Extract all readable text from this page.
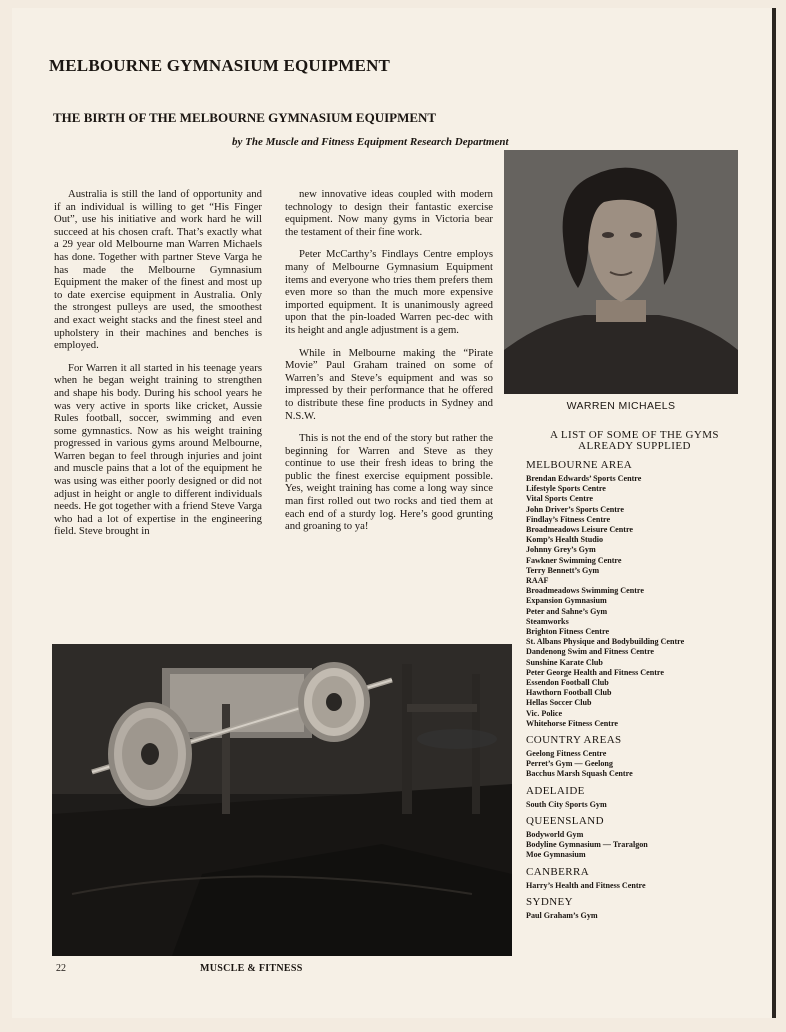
MELBOURNE GYMNASIUM EQUIPMENT
THE BIRTH OF THE MELBOURNE GYMNASIUM EQUIPMENT
by The Muscle and Fitness Equipment Research Department

Australia is still the land of opportunity and if an individual is willing to get “His Finger Out”, use his initiative and work hard he will succeed at his chosen craft. That’s exactly what a 29 year old Melbourne man Warren Michaels has done. Together with partner Steve Varga he has made the Melbourne Gymnasium Equipment the maker of the finest and most up to date exercise equipment in Australia. Only the strongest pulleys are used, the smoothest and exact weight stacks and the finest steel and upholstery in their machines and benches is employed.

For Warren it all started in his teenage years when he began weight training to strengthen and shape his body. During his school years he was very active in sports like cricket, Aussie Rules football, soccer, swimming and even some gymnastics. Now as his weight training progressed in various gyms around Melbourne, Warren began to feel through injuries and joint and muscle pains that a lot of the equipment he was using was either poorly designed or did not adjust in height or angle to different individuals needs. He got together with a friend Steve Varga who had a lot of expertise in the engineering field. Steve brought in

new innovative ideas coupled with modern technology to design their fantastic exercise equipment. Now many gyms in Victoria bear the testament of their fine work.

Peter McCarthy’s Findlays Centre employs many of Melbourne Gymnasium Equipment items and everyone who tries them prefers them even more so than the much more expensive imported equipment. It is unanimously agreed upon that the pin-loaded Warren pec-dec with its height and angle adjustment is a gem.

While in Melbourne making the “Pirate Movie” Paul Graham trained on some of Warren’s and Steve’s equipment and was so impressed by their performance that he offered to distribute these fine products in Sydney and N.S.W.

This is not the end of the story but rather the beginning for Warren and Steve as they continue to use their fresh ideas to bring the public the finest exercise equipment possible. Yes, weight training has come a long way since man first rolled out two rocks and tied them at each end of a sturdy log. Here’s good grunting and groaning to ya!

WARREN MICHAELS
A LIST OF SOME OF THE GYMS ALREADY SUPPLIED
MELBOURNE AREA
Brendan Edwards’ Sports Centre
Lifestyle Sports Centre
Vital Sports Centre
John Driver’s Sports Centre
Findlay’s Fitness Centre
Broadmeadows Leisure Centre
Komp’s Health Studio
Johnny Grey’s Gym
Fawkner Swimming Centre
Terry Bennett’s Gym
RAAF
Broadmeadows Swimming Centre
Expansion Gymnasium
Peter and Sahne’s Gym
Steamworks
Brighton Fitness Centre
St. Albans Physique and Bodybuilding Centre
Dandenong Swim and Fitness Centre
Sunshine Karate Club
Peter George Health and Fitness Centre
Essendon Football Club
Hawthorn Football Club
Hellas Soccer Club
Vic. Police
Whitehorse Fitness Centre
COUNTRY AREAS
Geelong Fitness Centre
Perret’s Gym — Geelong
Bacchus Marsh Squash Centre
ADELAIDE
South City Sports Gym
QUEENSLAND
Bodyworld Gym
Bodyline Gymnasium — Traralgon
Moe Gymnasium
CANBERRA
Harry’s Health and Fitness Centre
SYDNEY
Paul Graham’s Gym
22	MUSCLE & FITNESS
